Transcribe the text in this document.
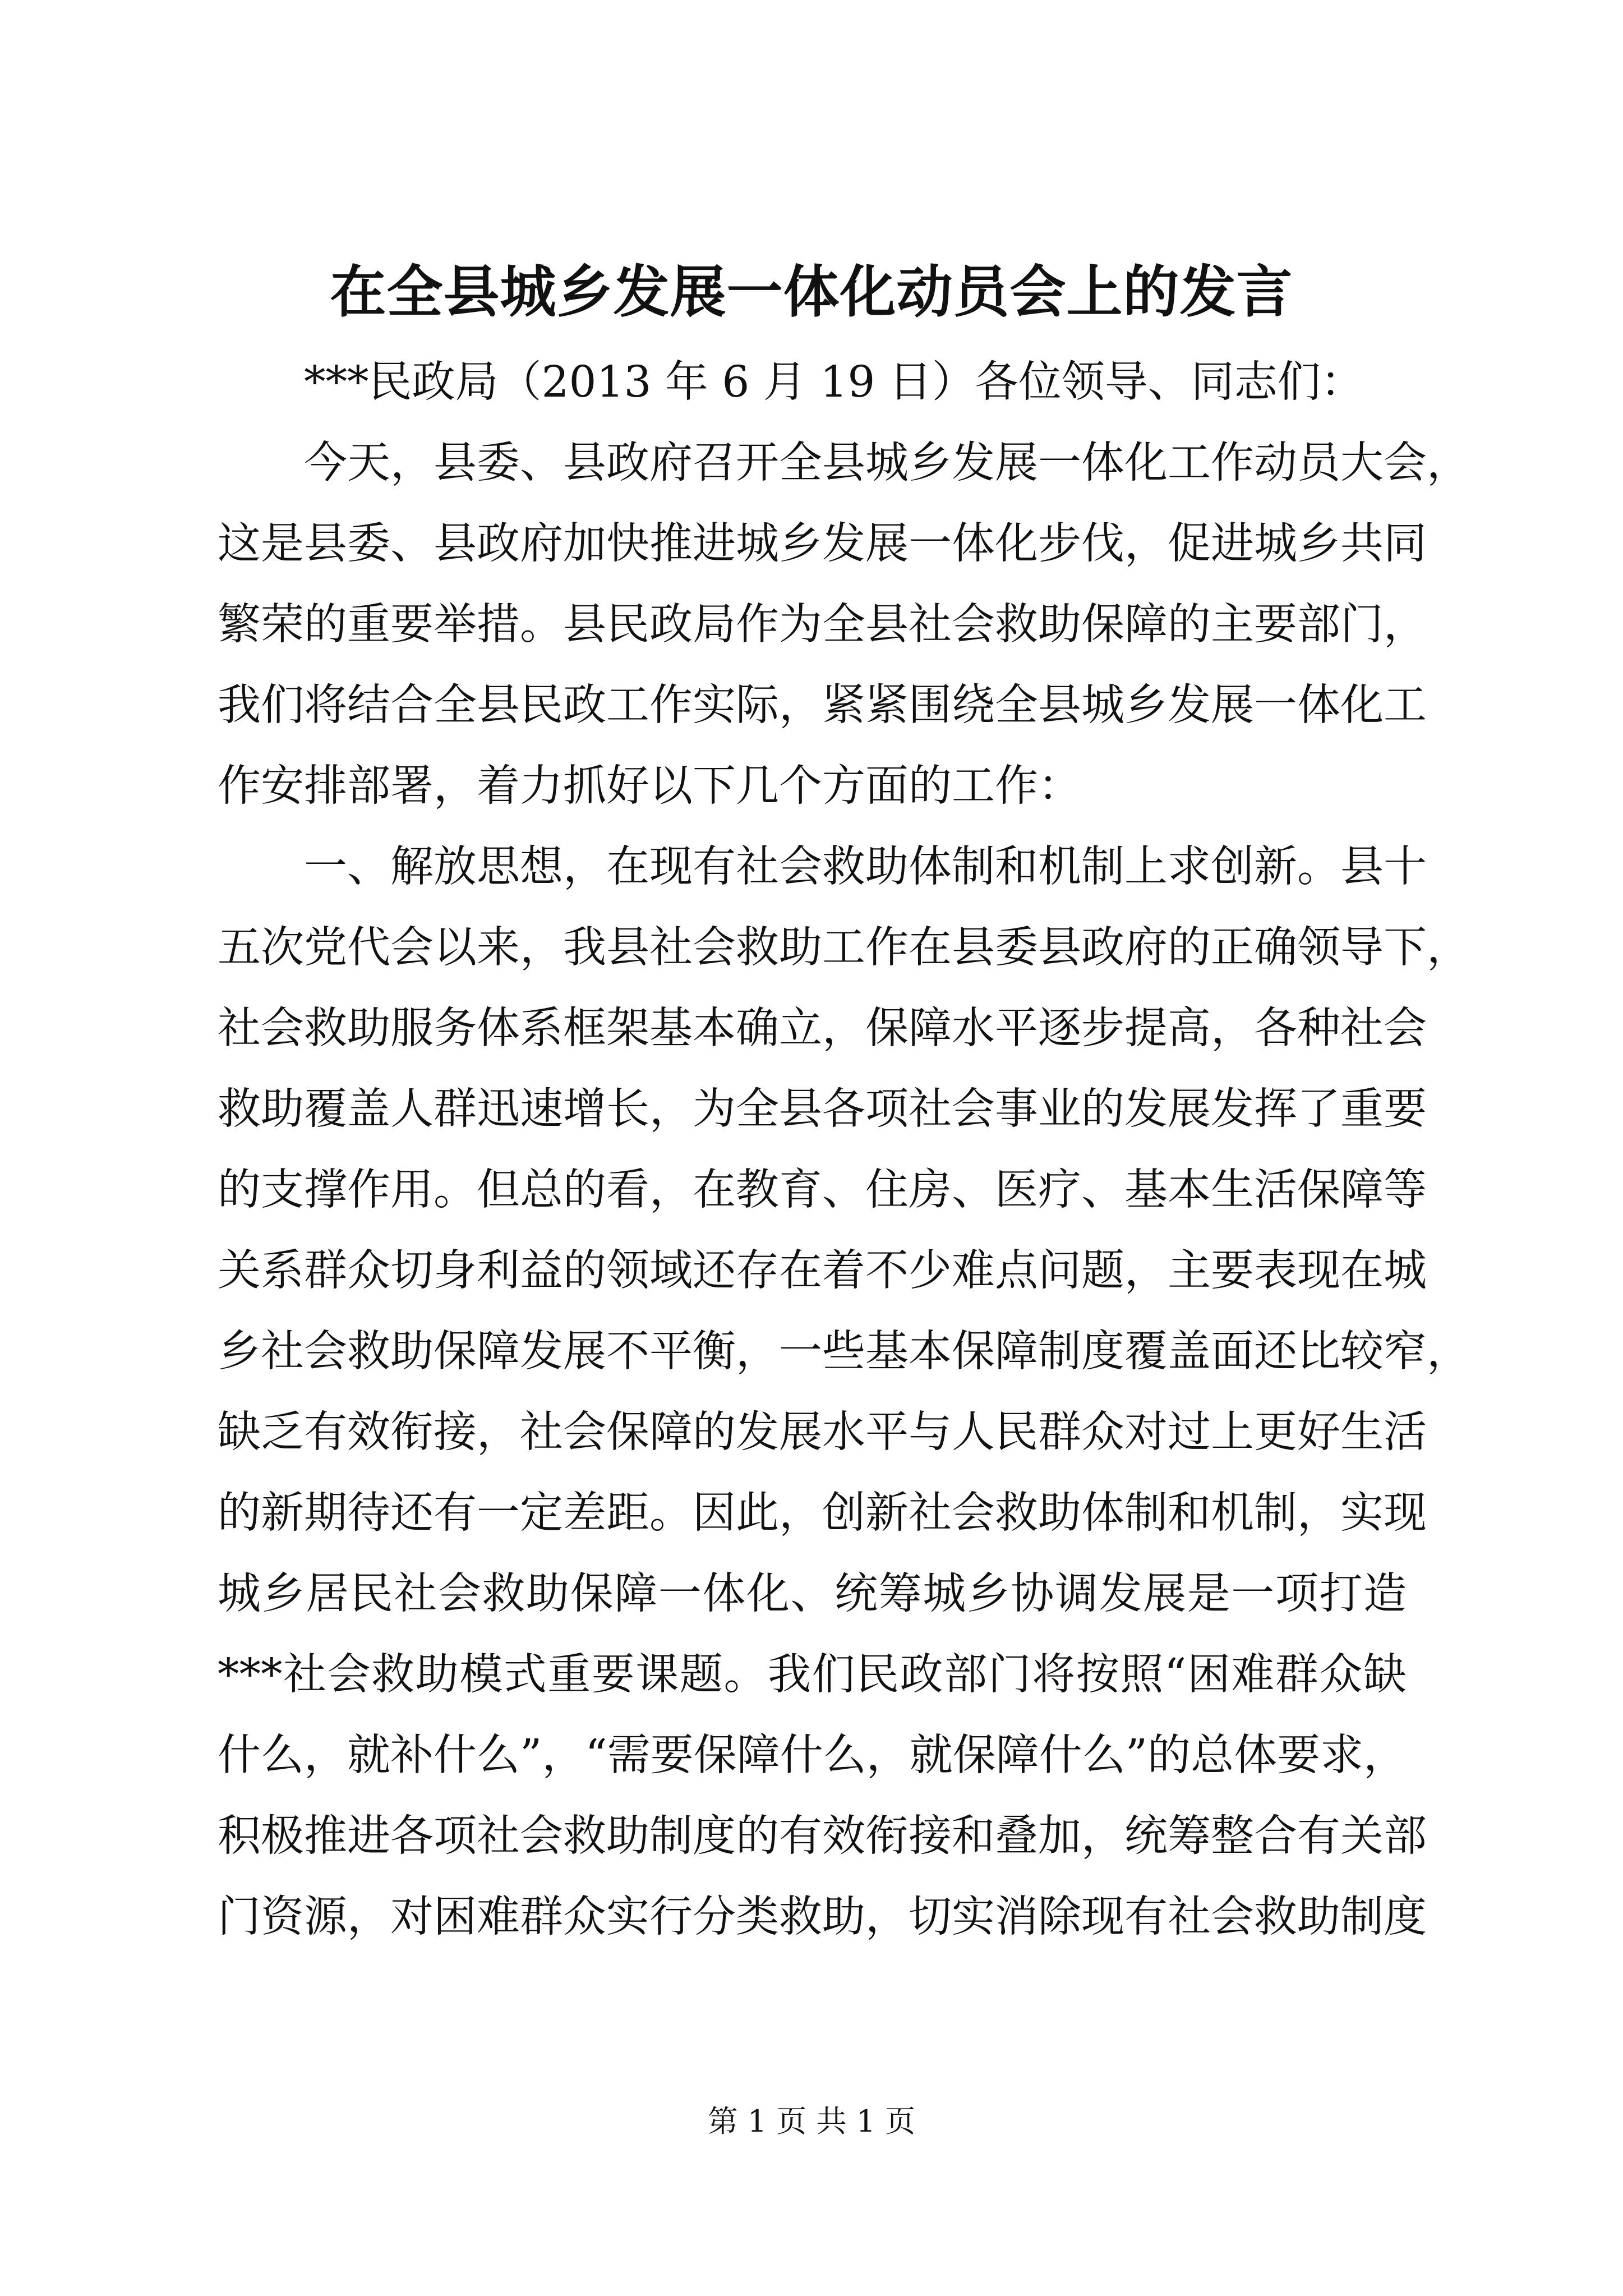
在全县城乡发展一体化动员会上的发言
***民政局（2013 年 6 月 19 日）各位领导、同志们：
今天，县委、县政府召开全县城乡发展一体化工作动员大会，
这是县委、县政府加快推进城乡发展一体化步伐，促进城乡共同
繁荣的重要举措。县民政局作为全县社会救助保障的主要部门，
我们将结合全县民政工作实际，紧紧围绕全县城乡发展一体化工
作安排部署，着力抓好以下几个方面的工作：
一、解放思想，在现有社会救助体制和机制上求创新。县十
五次党代会以来，我县社会救助工作在县委县政府的正确领导下，
社会救助服务体系框架基本确立，保障水平逐步提高，各种社会
救助覆盖人群迅速增长，为全县各项社会事业的发展发挥了重要
的支撑作用。但总的看，在教育、住房、医疗、基本生活保障等
关系群众切身利益的领域还存在着不少难点问题，主要表现在城
乡社会救助保障发展不平衡，一些基本保障制度覆盖面还比较窄，
缺乏有效衔接，社会保障的发展水平与人民群众对过上更好生活
的新期待还有一定差距。因此，创新社会救助体制和机制，实现
城乡居民社会救助保障一体化、统筹城乡协调发展是一项打造
***社会救助模式重要课题。我们民政部门将按照“困难群众缺
什么，就补什么”，“需要保障什么，就保障什么”的总体要求，
积极推进各项社会救助制度的有效衔接和叠加，统筹整合有关部
门资源，对困难群众实行分类救助，切实消除现有社会救助制度
第 1 页 共 1 页
